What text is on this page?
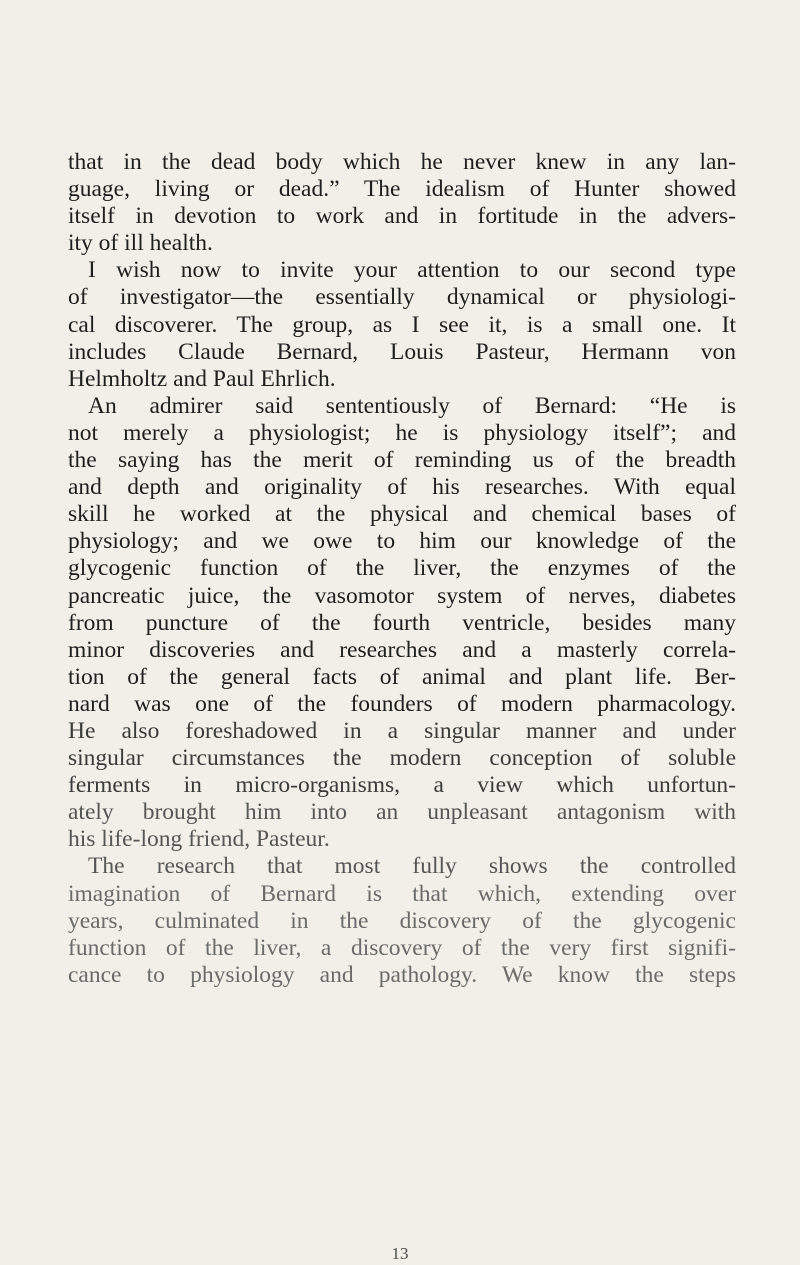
that in the dead body which he never knew in any lan-
guage, living or dead.” The idealism of Hunter showed
itself in devotion to work and in fortitude in the advers-
ity of ill health.
I wish now to invite your attention to our second type
of investigator—the essentially dynamical or physiologi-
cal discoverer. The group, as I see it, is a small one. It
includes Claude Bernard, Louis Pasteur, Hermann von
Helmholtz and Paul Ehrlich.
An admirer said sententiously of Bernard: “He is
not merely a physiologist; he is physiology itself”; and
the saying has the merit of reminding us of the breadth
and depth and originality of his researches. With equal
skill he worked at the physical and chemical bases of
physiology; and we owe to him our knowledge of the
glycogenic function of the liver, the enzymes of the
pancreatic juice, the vasomotor system of nerves, diabetes
from puncture of the fourth ventricle, besides many
minor discoveries and researches and a masterly correla-
tion of the general facts of animal and plant life. Ber-
nard was one of the founders of modern pharmacology.
He also foreshadowed in a singular manner and under
singular circumstances the modern conception of soluble
ferments in micro-organisms, a view which unfortun-
ately brought him into an unpleasant antagonism with
his life-long friend, Pasteur.
The research that most fully shows the controlled
imagination of Bernard is that which, extending over
years, culminated in the discovery of the glycogenic
function of the liver, a discovery of the very first signifi-
cance to physiology and pathology. We know the steps
13
